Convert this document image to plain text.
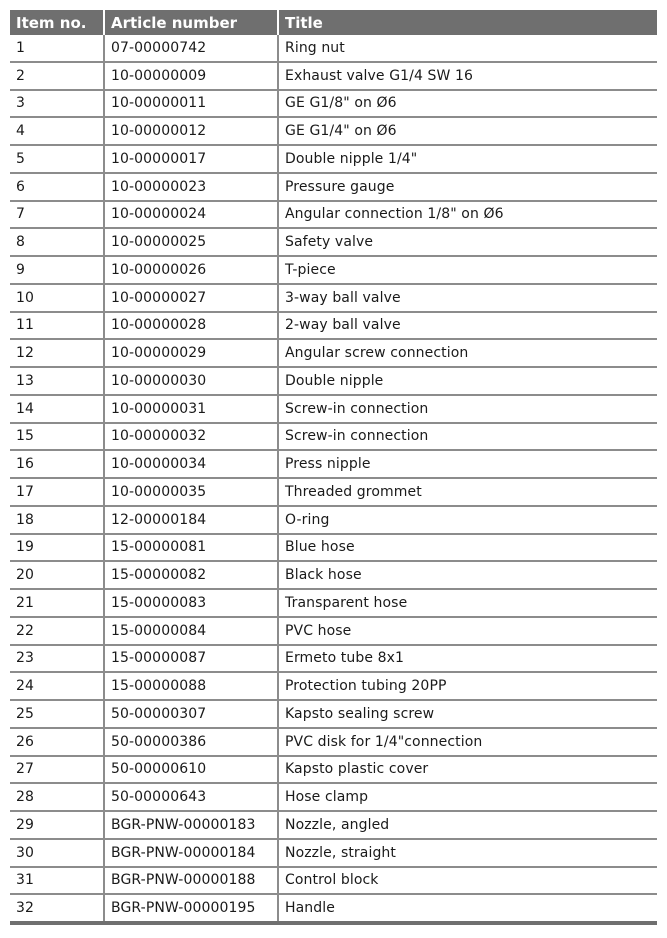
Item no.	Article number	Title
1	07-00000742	Ring nut
2	10-00000009	Exhaust valve G1/4 SW 16
3	10-00000011	GE G1/8" on Ø6
4	10-00000012	GE G1/4" on Ø6
5	10-00000017	Double nipple 1/4"
6	10-00000023	Pressure gauge
7	10-00000024	Angular connection 1/8" on Ø6
8	10-00000025	Safety valve
9	10-00000026	T-piece
10	10-00000027	3-way ball valve
11	10-00000028	2-way ball valve
12	10-00000029	Angular screw connection
13	10-00000030	Double nipple
14	10-00000031	Screw-in connection
15	10-00000032	Screw-in connection
16	10-00000034	Press nipple
17	10-00000035	Threaded grommet
18	12-00000184	O-ring
19	15-00000081	Blue hose
20	15-00000082	Black hose
21	15-00000083	Transparent hose
22	15-00000084	PVC hose
23	15-00000087	Ermeto tube 8x1
24	15-00000088	Protection tubing 20PP
25	50-00000307	Kapsto sealing screw
26	50-00000386	PVC disk for 1/4"connection
27	50-00000610	Kapsto plastic cover
28	50-00000643	Hose clamp
29	BGR-PNW-00000183	Nozzle, angled
30	BGR-PNW-00000184	Nozzle, straight
31	BGR-PNW-00000188	Control block
32	BGR-PNW-00000195	Handle
